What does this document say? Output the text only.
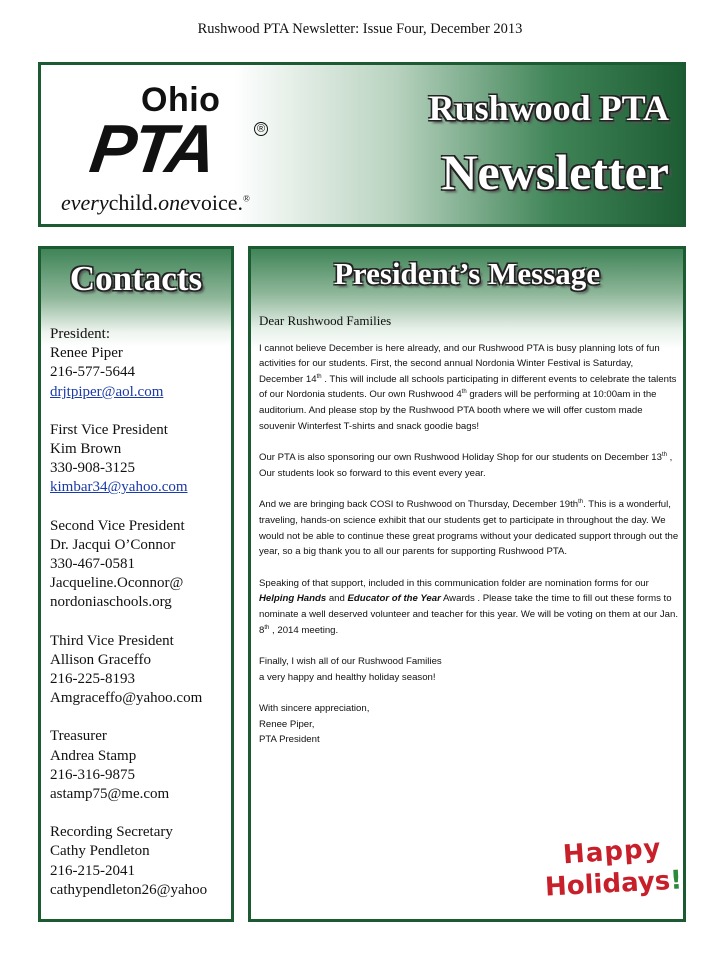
Rushwood PTA Newsletter: Issue Four, December 2013
Ohio
PTA	®
everychild.onevoice.®
Rushwood PTA
Newsletter
Contacts
President:
Renee Piper
216-577-5644
drjtpiper@aol.com
First Vice President
Kim Brown
330-908-3125
kimbar34@yahoo.com
Second Vice President
Dr. Jacqui O’Connor
330-467-0581
Jacqueline.Oconnor@
nordoniaschools.org
Third Vice President
Allison Graceffo
216-225-8193
Amgraceffo@yahoo.com
Treasurer
Andrea Stamp
216-316-9875
astamp75@me.com
Recording Secretary
Cathy Pendleton
216-215-2041
cathypendleton26@yahoo
President’s Message
Dear Rushwood Families

I cannot believe December is here already, and our Rushwood PTA is busy planning lots of fun activities for our students. First, the second annual Nordonia Winter Festival is Saturday, December 14th . This will include all schools participating in different events to celebrate the talents of our Nordonia students. Our own Rushwood 4th graders will be performing at 10:00am in the auditorium. And please stop by the Rushwood PTA booth where we will offer custom made souvenir Winterfest T-shirts and snack goodie bags!

Our PTA is also sponsoring our own Rushwood Holiday Shop for our students on December 13th , Our students look so forward to this event every year.

And we are bringing back COSI to Rushwood on Thursday, December $19th^{th}$. This is a wonderful, traveling, hands-on science exhibit that our students get to participate in throughout the day. We would not be able to continue these great programs without your dedicated support through out the year, so a big thank you to all our parents for supporting Rushwood PTA.

Speaking of that support, included in this communication folder are nomination forms for our Helping Hands and Educator of the Year Awards . Please take the time to fill out these forms to nominate a well deserved volunteer and teacher for this year. We will be voting on them at our Jan. 8th , 2014 meeting.

Finally, I wish all of our Rushwood Families
a very happy and healthy holiday season!

With sincere appreciation,
Renee Piper,
PTA President
Happy
Holidays!
